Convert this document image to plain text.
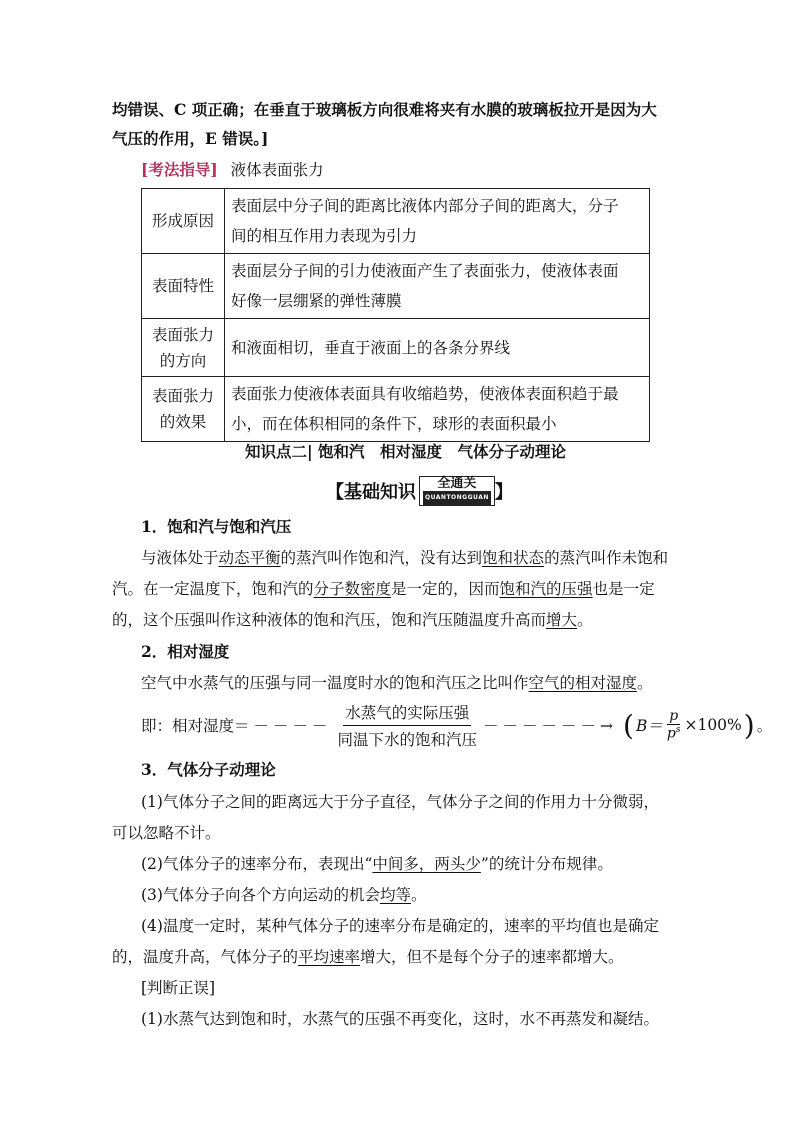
均错误、C 项正确；在垂直于玻璃板方向很难将夹有水膜的玻璃板拉开是因为大
气压的作用，E 错误。]
[考法指导] 液体表面张力
形成原因	表面层中分子间的距离比液体内部分子间的距离大，分子
间的相互作用力表现为引力

表面特性	表面层分子间的引力使液面产生了表面张力，使液体表面
好像一层绷紧的弹性薄膜

表面张力的方向	和液面相切，垂直于液面上的各条分界线

表面张力的效果	表面张力使液体表面具有收缩趋势，使液体表面积趋于最
小，而在体积相同的条件下，球形的表面积最小
知识点二| 饱和汽　相对湿度　气体分子动理论
【基础知识 全通关
QUANTONGGUAN 】
1．饱和汽与饱和汽压
与液体处于动态平衡的蒸汽叫作饱和汽，没有达到饱和状态的蒸汽叫作未饱和
汽。在一定温度下，饱和汽的分子数密度是一定的，因而饱和汽的压强也是一定
的，这个压强叫作这种液体的饱和汽压，饱和汽压随温度升高而增大。
2．相对湿度
空气中水蒸气的压强与同一温度时水的饱和汽压之比叫作空气的相对湿度。
即：相对湿度＝ －－－－ $\frac{\text{水蒸气的实际压强}}{\text{同温下水的饱和汽压}}$ －－－－－－→ ( $B= \frac{p}{p^s} \times 100\%$ ) 。
3．气体分子动理论
(1)气体分子之间的距离远大于分子直径，气体分子之间的作用力十分微弱，
可以忽略不计。
(2)气体分子的速率分布，表现出“中间多，两头少”的统计分布规律。
(3)气体分子向各个方向运动的机会均等。
(4)温度一定时，某种气体分子的速率分布是确定的，速率的平均值也是确定
的，温度升高，气体分子的平均速率增大，但不是每个分子的速率都增大。
[判断正误]
(1)水蒸气达到饱和时，水蒸气的压强不再变化，这时，水不再蒸发和凝结。
